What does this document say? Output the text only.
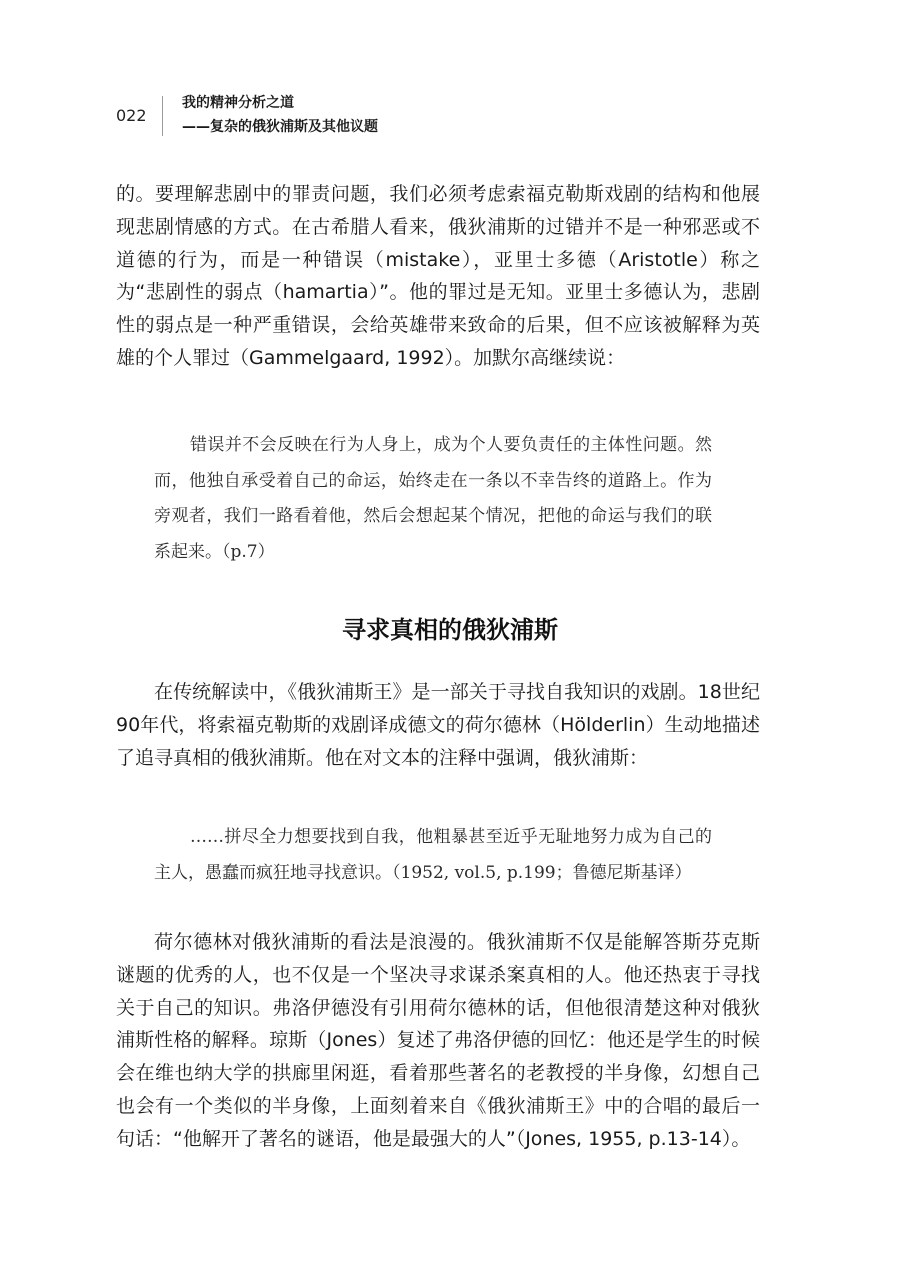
022
我的精神分析之道
——复杂的俄狄浦斯及其他议题

的。要理解悲剧中的罪责问题，我们必须考虑索福克勒斯戏剧的结构和他展现悲剧情感的方式。在古希腊人看来，俄狄浦斯的过错并不是一种邪恶或不道德的行为，而是一种错误（mistake），亚里士多德（Aristotle）称之为“悲剧性的弱点（hamartia）”。他的罪过是无知。亚里士多德认为，悲剧性的弱点是一种严重错误，会给英雄带来致命的后果，但不应该被解释为英雄的个人罪过（Gammelgaard, 1992）。加默尔高继续说：

错误并不会反映在行为人身上，成为个人要负责任的主体性问题。然而，他独自承受着自己的命运，始终走在一条以不幸告终的道路上。作为旁观者，我们一路看着他，然后会想起某个情况，把他的命运与我们的联系起来。（p.7）

寻求真相的俄狄浦斯

在传统解读中，《俄狄浦斯王》是一部关于寻找自我知识的戏剧。18世纪90年代，将索福克勒斯的戏剧译成德文的荷尔德林（Hölderlin）生动地描述了追寻真相的俄狄浦斯。他在对文本的注释中强调，俄狄浦斯：

……拼尽全力想要找到自我，他粗暴甚至近乎无耻地努力成为自己的主人，愚蠢而疯狂地寻找意识。（1952, vol.5, p.199；鲁德尼斯基译）

荷尔德林对俄狄浦斯的看法是浪漫的。俄狄浦斯不仅是能解答斯芬克斯谜题的优秀的人，也不仅是一个坚决寻求谋杀案真相的人。他还热衷于寻找关于自己的知识。弗洛伊德没有引用荷尔德林的话，但他很清楚这种对俄狄浦斯性格的解释。琼斯（Jones）复述了弗洛伊德的回忆：他还是学生的时候会在维也纳大学的拱廊里闲逛，看着那些著名的老教授的半身像，幻想自己也会有一个类似的半身像，上面刻着来自《俄狄浦斯王》中的合唱的最后一句话：“他解开了著名的谜语，他是最强大的人”（Jones, 1955, p.13-14）。
